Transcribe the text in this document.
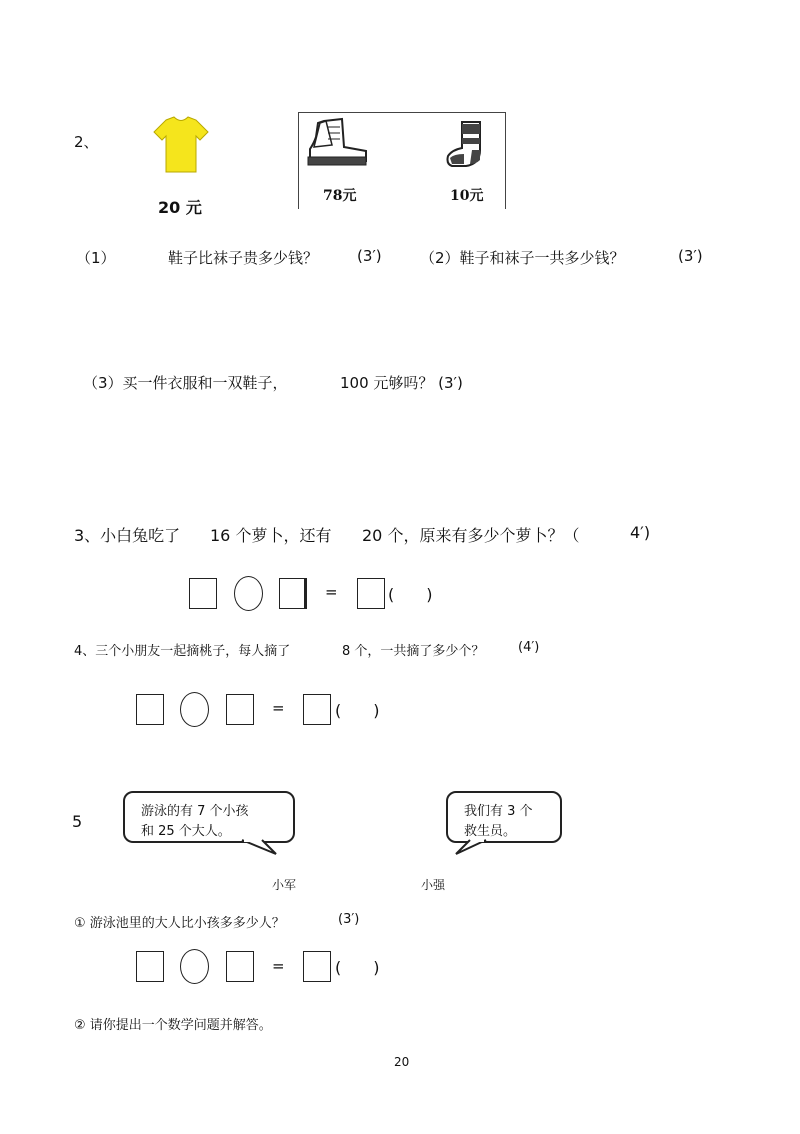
2、
20 元
78元	10元
（1）	鞋子比袜子贵多少钱？	(3′)	（2）鞋子和袜子一共多少钱？	(3′)
（3）买一件衣服和一双鞋子，	100 元够吗？ (3′)
3、小白兔吃了 16 个萝卜，还有 20 个，原来有多少个萝卜？（	4′)
=	(　　)
4、三个小朋友一起摘桃子，每人摘了	8 个，一共摘了多少个？	(4′)
=	(　　)
5
游泳的有 7 个小孩
和 25 个大人。
我们有 3 个
救生员。
小军	小强
① 游泳池里的大人比小孩多多少人？	(3′)
=	(　　)
② 请你提出一个数学问题并解答。
20
